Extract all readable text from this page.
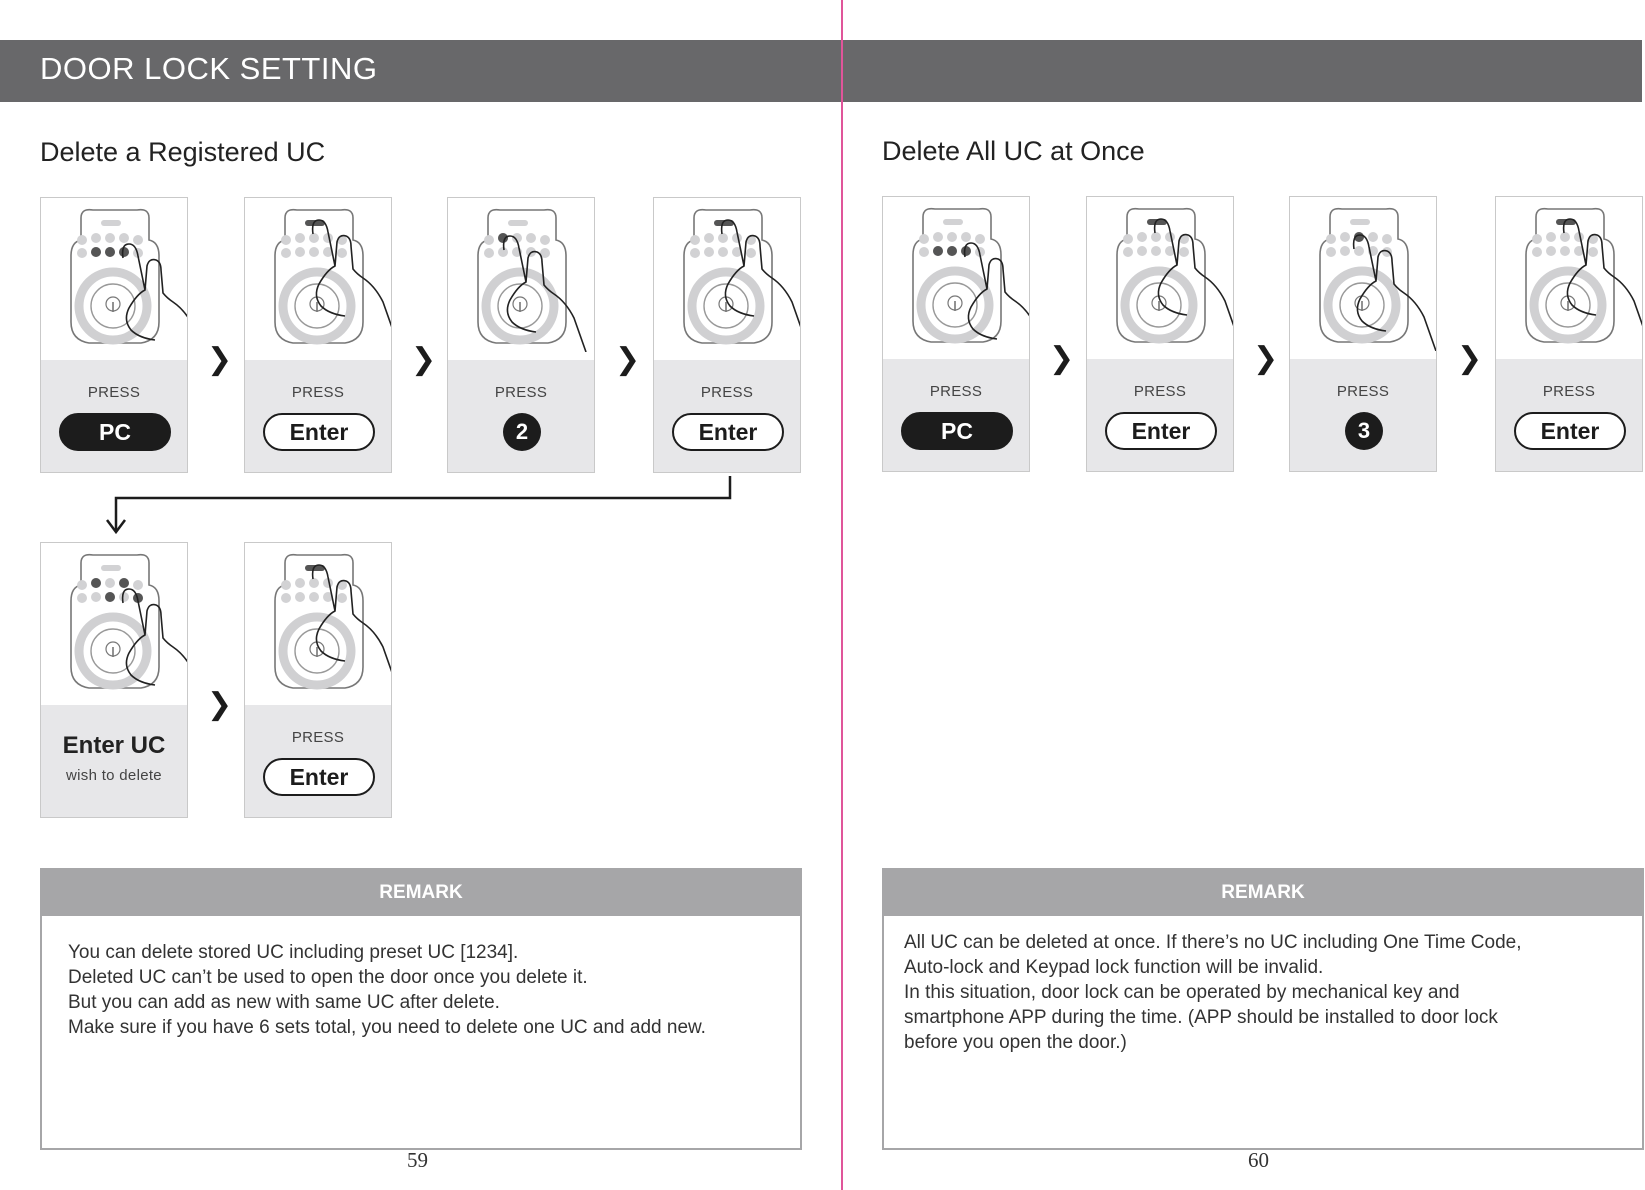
DOOR LOCK SETTING
Delete a Registered UC
PRESS
PC
❯
PRESS
Enter
❯
PRESS
2
❯
PRESS
Enter
Enter UC
wish to delete
❯
PRESS
Enter
REMARK

You can delete stored UC including preset UC [1234].

Deleted UC can’t be used to open the door once you delete it.

But you can add as new with same UC after delete.

Make sure if you have 6 sets total, you need to delete one UC and add new.

59
Delete All UC at Once
PRESS
PC
❯
PRESS
Enter
❯
PRESS
3
❯
PRESS
Enter
REMARK

All UC can be deleted at once. If there’s no UC including One Time Code,

Auto-lock and Keypad lock function will be invalid.

In this situation, door lock can be operated by mechanical key and

smartphone APP during the time. (APP should be installed to door lock

before you open the door.)

60
